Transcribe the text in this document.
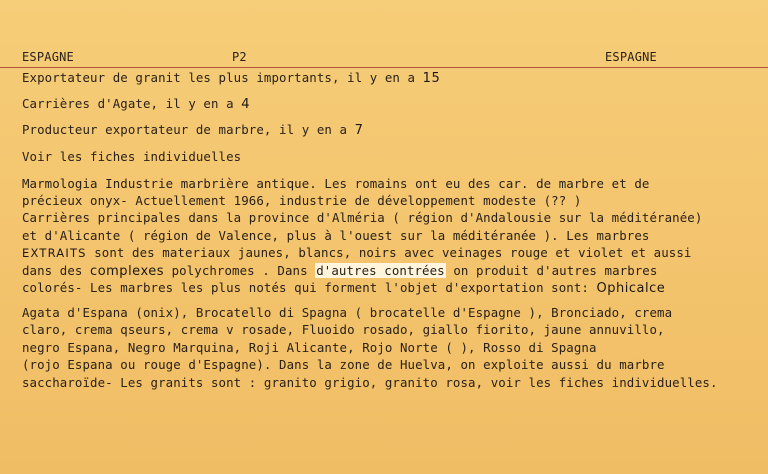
ESPAGNE	P2	ESPAGNE
Exportateur de granit les plus importants, il y en a 15
Carrières d'Agate, il y en a 4
Producteur exportateur de marbre, il y en a 7
Voir les fiches individuelles
Marmologia Industrie marbrière antique. Les romains ont eu des car. de marbre et de
précieux onyx- Actuellement 1966, industrie de développement modeste (?? )
Carrières principales dans la province d'Alméria ( région d'Andalousie sur la méditéranée)
et d'Alicante ( région de Valence, plus à l'ouest sur la méditéranée ). Les marbres
EXTRAITS sont des materiaux jaunes, blancs, noirs avec veinages rouge et violet et aussi
dans des complexes polychromes . Dans d'autres contrées on produit d'autres marbres
colorés- Les marbres les plus notés qui forment l'objet d'exportation sont: Ophicalce
Agata d'Espana (onix), Brocatello di Spagna ( brocatelle d'Espagne ), Bronciado, crema
claro, crema qseurs, crema v rosade, Fluoido rosado, giallo fiorito, jaune annuvillo,
negro Espana, Negro Marquina, Roji Alicante, Rojo Norte ( ), Rosso di Spagna
(rojo Espana ou rouge d'Espagne). Dans la zone de Huelva, on exploite aussi du marbre
saccharoïde- Les granits sont : granito grigio, granito rosa, voir les fiches individuelles.
